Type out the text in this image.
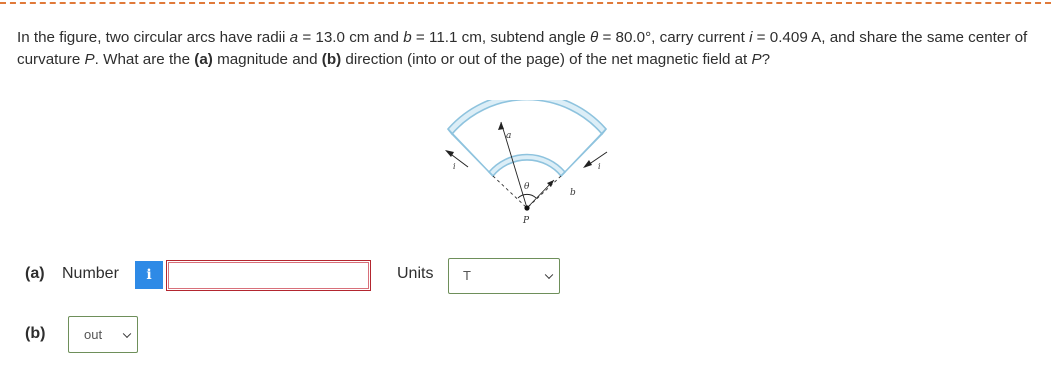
In the figure, two circular arcs have radii a = 13.0 cm and b = 11.1 cm, subtend angle θ = 80.0°, carry current i = 0.409 A, and share the same center of curvature P. What are the (a) magnitude and (b) direction (into or out of the page) of the net magnetic field at P?
a
b
θ
P
i	i
(a) Number	i	Units T
(b)	out
